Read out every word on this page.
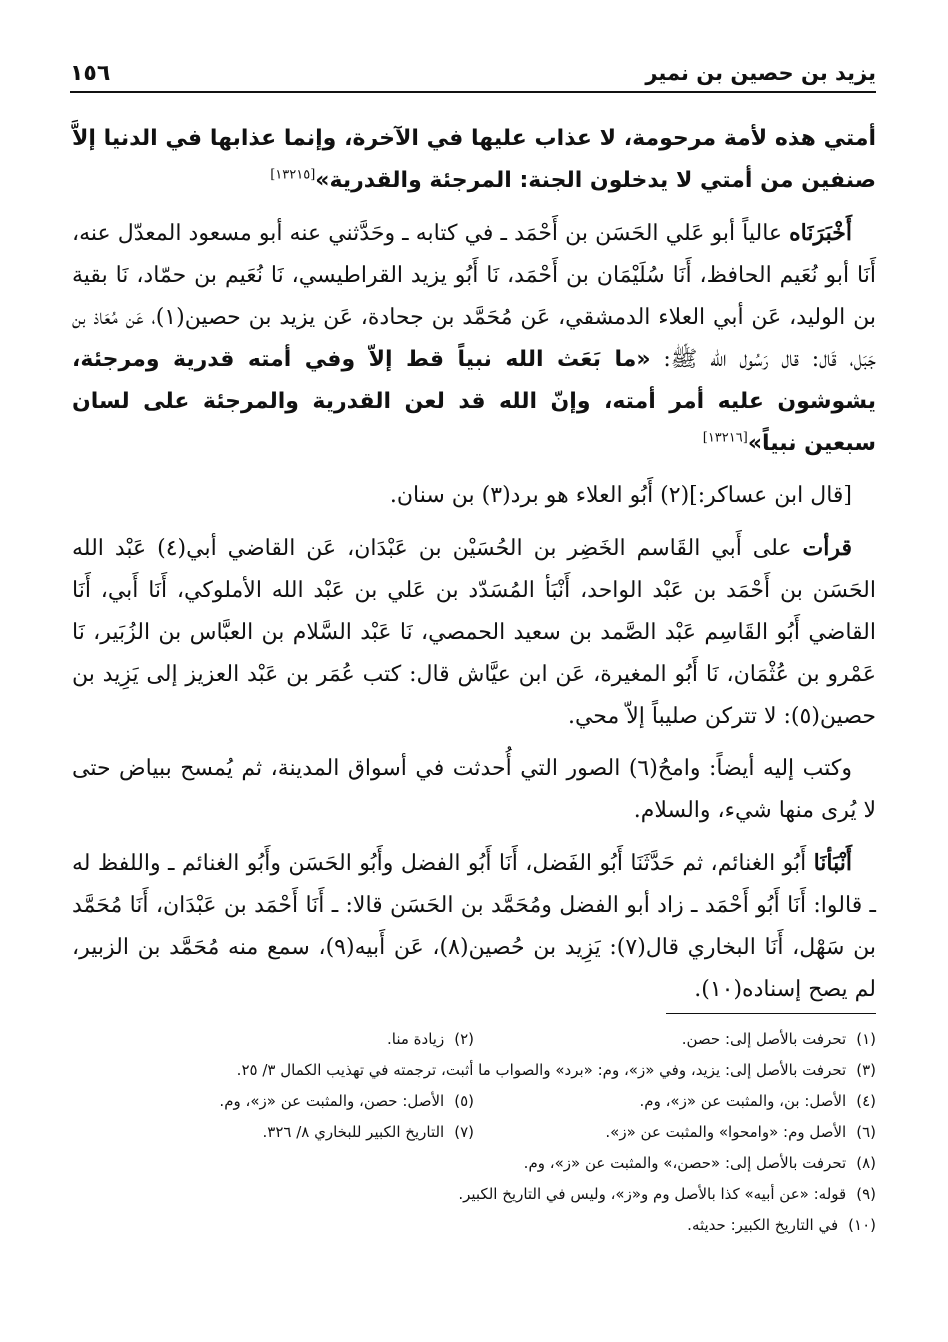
يزيد بن حصين بن نمير
١٥٦

أمتي هذه لأمة مرحومة، لا عذاب عليها في الآخرة، وإنما عذابها في الدنيا إلاَّ صنفين من أمتي لا يدخلون الجنة: المرجئة والقدرية»[١٣٢١٥]

أَخْبَرَنَاه عالياً أبو عَلي الحَسَن بن أَحْمَد ـ في كتابه ـ وحَدَّثني عنه أبو مسعود المعدّل عنه، أَنَا أبو نُعَيم الحافظ، أَنَا سُلَيْمَان بن أَحْمَد، نَا أَبُو يزيد القراطيسي، نَا نُعَيم بن حمّاد، نَا بقية بن الوليد، عَن أبي العلاء الدمشقي، عَن مُحَمَّد بن جحادة، عَن يزيد بن حصين(١)، عَن مُعَاذ بن جَبَل، قَال: قال رَسُول الله ﷺ: «ما بَعَث الله نبياً قط إلاّ وفي أمته قدرية ومرجئة، يشوشون عليه أمر أمته، وإنّ الله قد لعن القدرية والمرجئة على لسان سبعين نبياً»[١٣٢١٦]

[قال ابن عساكر:](٢) أَبُو العلاء هو برد(٣) بن سنان.

قرأت على أَبي القَاسم الخَضِر بن الحُسَيْن بن عَبْدَان، عَن القاضي أبي(٤) عَبْد الله الحَسَن بن أَحْمَد بن عَبْد الواحد، أَنْبَأ المُسَدّد بن عَلي بن عَبْد الله الأملوكي، أَنَا أَبي، أَنَا القاضي أَبُو القَاسِم عَبْد الصَّمد بن سعيد الحمصي، نَا عَبْد السَّلام بن العبَّاس بن الزُبَير، نَا عَمْرو بن عُثْمَان، نَا أَبُو المغيرة، عَن ابن عيَّاش قال: كتب عُمَر بن عَبْد العزيز إلى يَزِيد بن حصين(٥): لا تتركن صليباً إلاّ محي.

وكتب إليه أيضاً: وامحُ(٦) الصور التي أُحدثت في أسواق المدينة، ثم يُمسح ببياض حتى لا يُرى منها شيء، والسلام.

أَنْبَأنَا أَبُو الغنائم، ثم حَدَّثَنَا أَبُو الفَضل، أَنَا أَبُو الفضل وأَبُو الحَسَن وأَبُو الغنائم ـ واللفظ له ـ قالوا: أَنَا أَبُو أَحْمَد ـ زاد أبو الفضل ومُحَمَّد بن الحَسَن قالا: ـ أَنَا أَحْمَد بن عَبْدَان، أَنَا مُحَمَّد بن سَهْل، أَنَا البخاري قال(٧): يَزِيد بن حُصين(٨)، عَن أَبيه(٩)، سمع منه مُحَمَّد بن الزبير، لم يصح إسناده(١٠).

(١)تحرفت بالأصل إلى: حصن.
(٢)زيادة منا.
(٣)تحرفت بالأصل إلى: يزيد، وفي «ز»، وم: «برد» والصواب ما أثبت، ترجمته في تهذيب الكمال ٣/ ٢٥.
(٤)الأصل: بن، والمثبت عن «ز»، وم.
(٥)الأصل: حصن، والمثبت عن «ز»، وم.
(٦)الأصل وم: «وامحوا» والمثبت عن «ز».
(٧)التاريخ الكبير للبخاري ٨/ ٣٢٦.
(٨)تحرفت بالأصل إلى: «حصن،» والمثبت عن «ز»، وم.
(٩)قوله: «عن أبيه» كذا بالأصل وم و«ز»، وليس في التاريخ الكبير.
(١٠)في التاريخ الكبير: حديثه.
